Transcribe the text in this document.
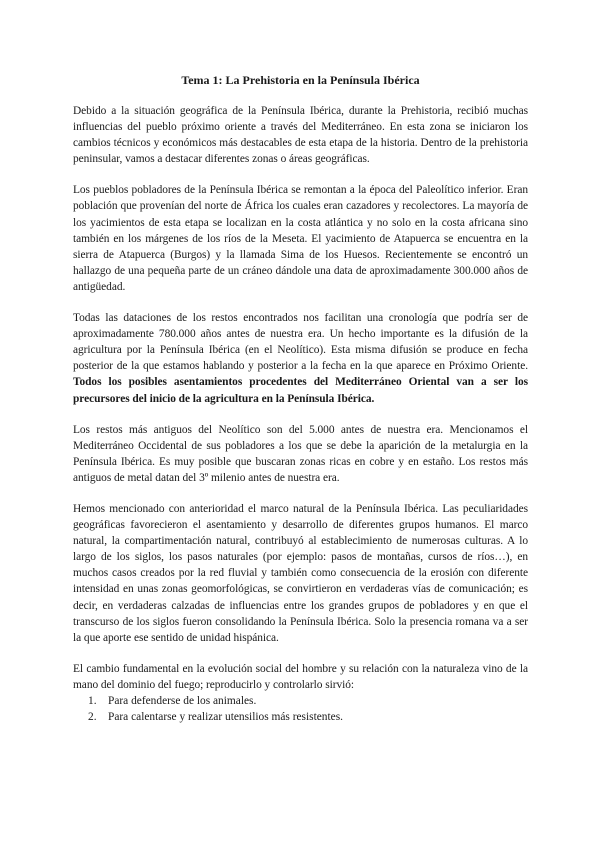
Tema 1: La Prehistoria en la Península Ibérica

Debido a la situación geográfica de la Península Ibérica, durante la Prehistoria, recibió muchas influencias del pueblo próximo oriente a través del Mediterráneo. En esta zona se iniciaron los cambios técnicos y económicos más destacables de esta etapa de la historia. Dentro de la prehistoria peninsular, vamos a destacar diferentes zonas o áreas geográficas.

Los pueblos pobladores de la Península Ibérica se remontan a la época del Paleolítico inferior. Eran población que provenían del norte de África los cuales eran cazadores y recolectores. La mayoría de los yacimientos de esta etapa se localizan en la costa atlántica y no solo en la costa africana sino también en los márgenes de los ríos de la Meseta. El yacimiento de Atapuerca se encuentra en la sierra de Atapuerca (Burgos) y la llamada Sima de los Huesos. Recientemente se encontró un hallazgo de una pequeña parte de un cráneo dándole una data de aproximadamente 300.000 años de antigüedad.

Todas las dataciones de los restos encontrados nos facilitan una cronología que podría ser de aproximadamente 780.000 años antes de nuestra era. Un hecho importante es la difusión de la agricultura por la Península Ibérica (en el Neolítico). Esta misma difusión se produce en fecha posterior de la que estamos hablando y posterior a la fecha en la que aparece en Próximo Oriente. Todos los posibles asentamientos procedentes del Mediterráneo Oriental van a ser los precursores del inicio de la agricultura en la Península Ibérica.

Los restos más antiguos del Neolítico son del 5.000 antes de nuestra era. Mencionamos el Mediterráneo Occidental de sus pobladores a los que se debe la aparición de la metalurgia en la Península Ibérica. Es muy posible que buscaran zonas ricas en cobre y en estaño. Los restos más antiguos de metal datan del 3º milenio antes de nuestra era.

Hemos mencionado con anterioridad el marco natural de la Península Ibérica. Las peculiaridades geográficas favorecieron el asentamiento y desarrollo de diferentes grupos humanos. El marco natural, la compartimentación natural, contribuyó al establecimiento de numerosas culturas. A lo largo de los siglos, los pasos naturales (por ejemplo: pasos de montañas, cursos de ríos…), en muchos casos creados por la red fluvial y también como consecuencia de la erosión con diferente intensidad en unas zonas geomorfológicas, se convirtieron en verdaderas vías de comunicación; es decir, en verdaderas calzadas de influencias entre los grandes grupos de pobladores y en que el transcurso de los siglos fueron consolidando la Península Ibérica. Solo la presencia romana va a ser la que aporte ese sentido de unidad hispánica.

El cambio fundamental en la evolución social del hombre y su relación con la naturaleza vino de la mano del dominio del fuego; reproducirlo y controlarlo sirvió:

1.	Para defenderse de los animales.
2.	Para calentarse y realizar utensilios más resistentes.
